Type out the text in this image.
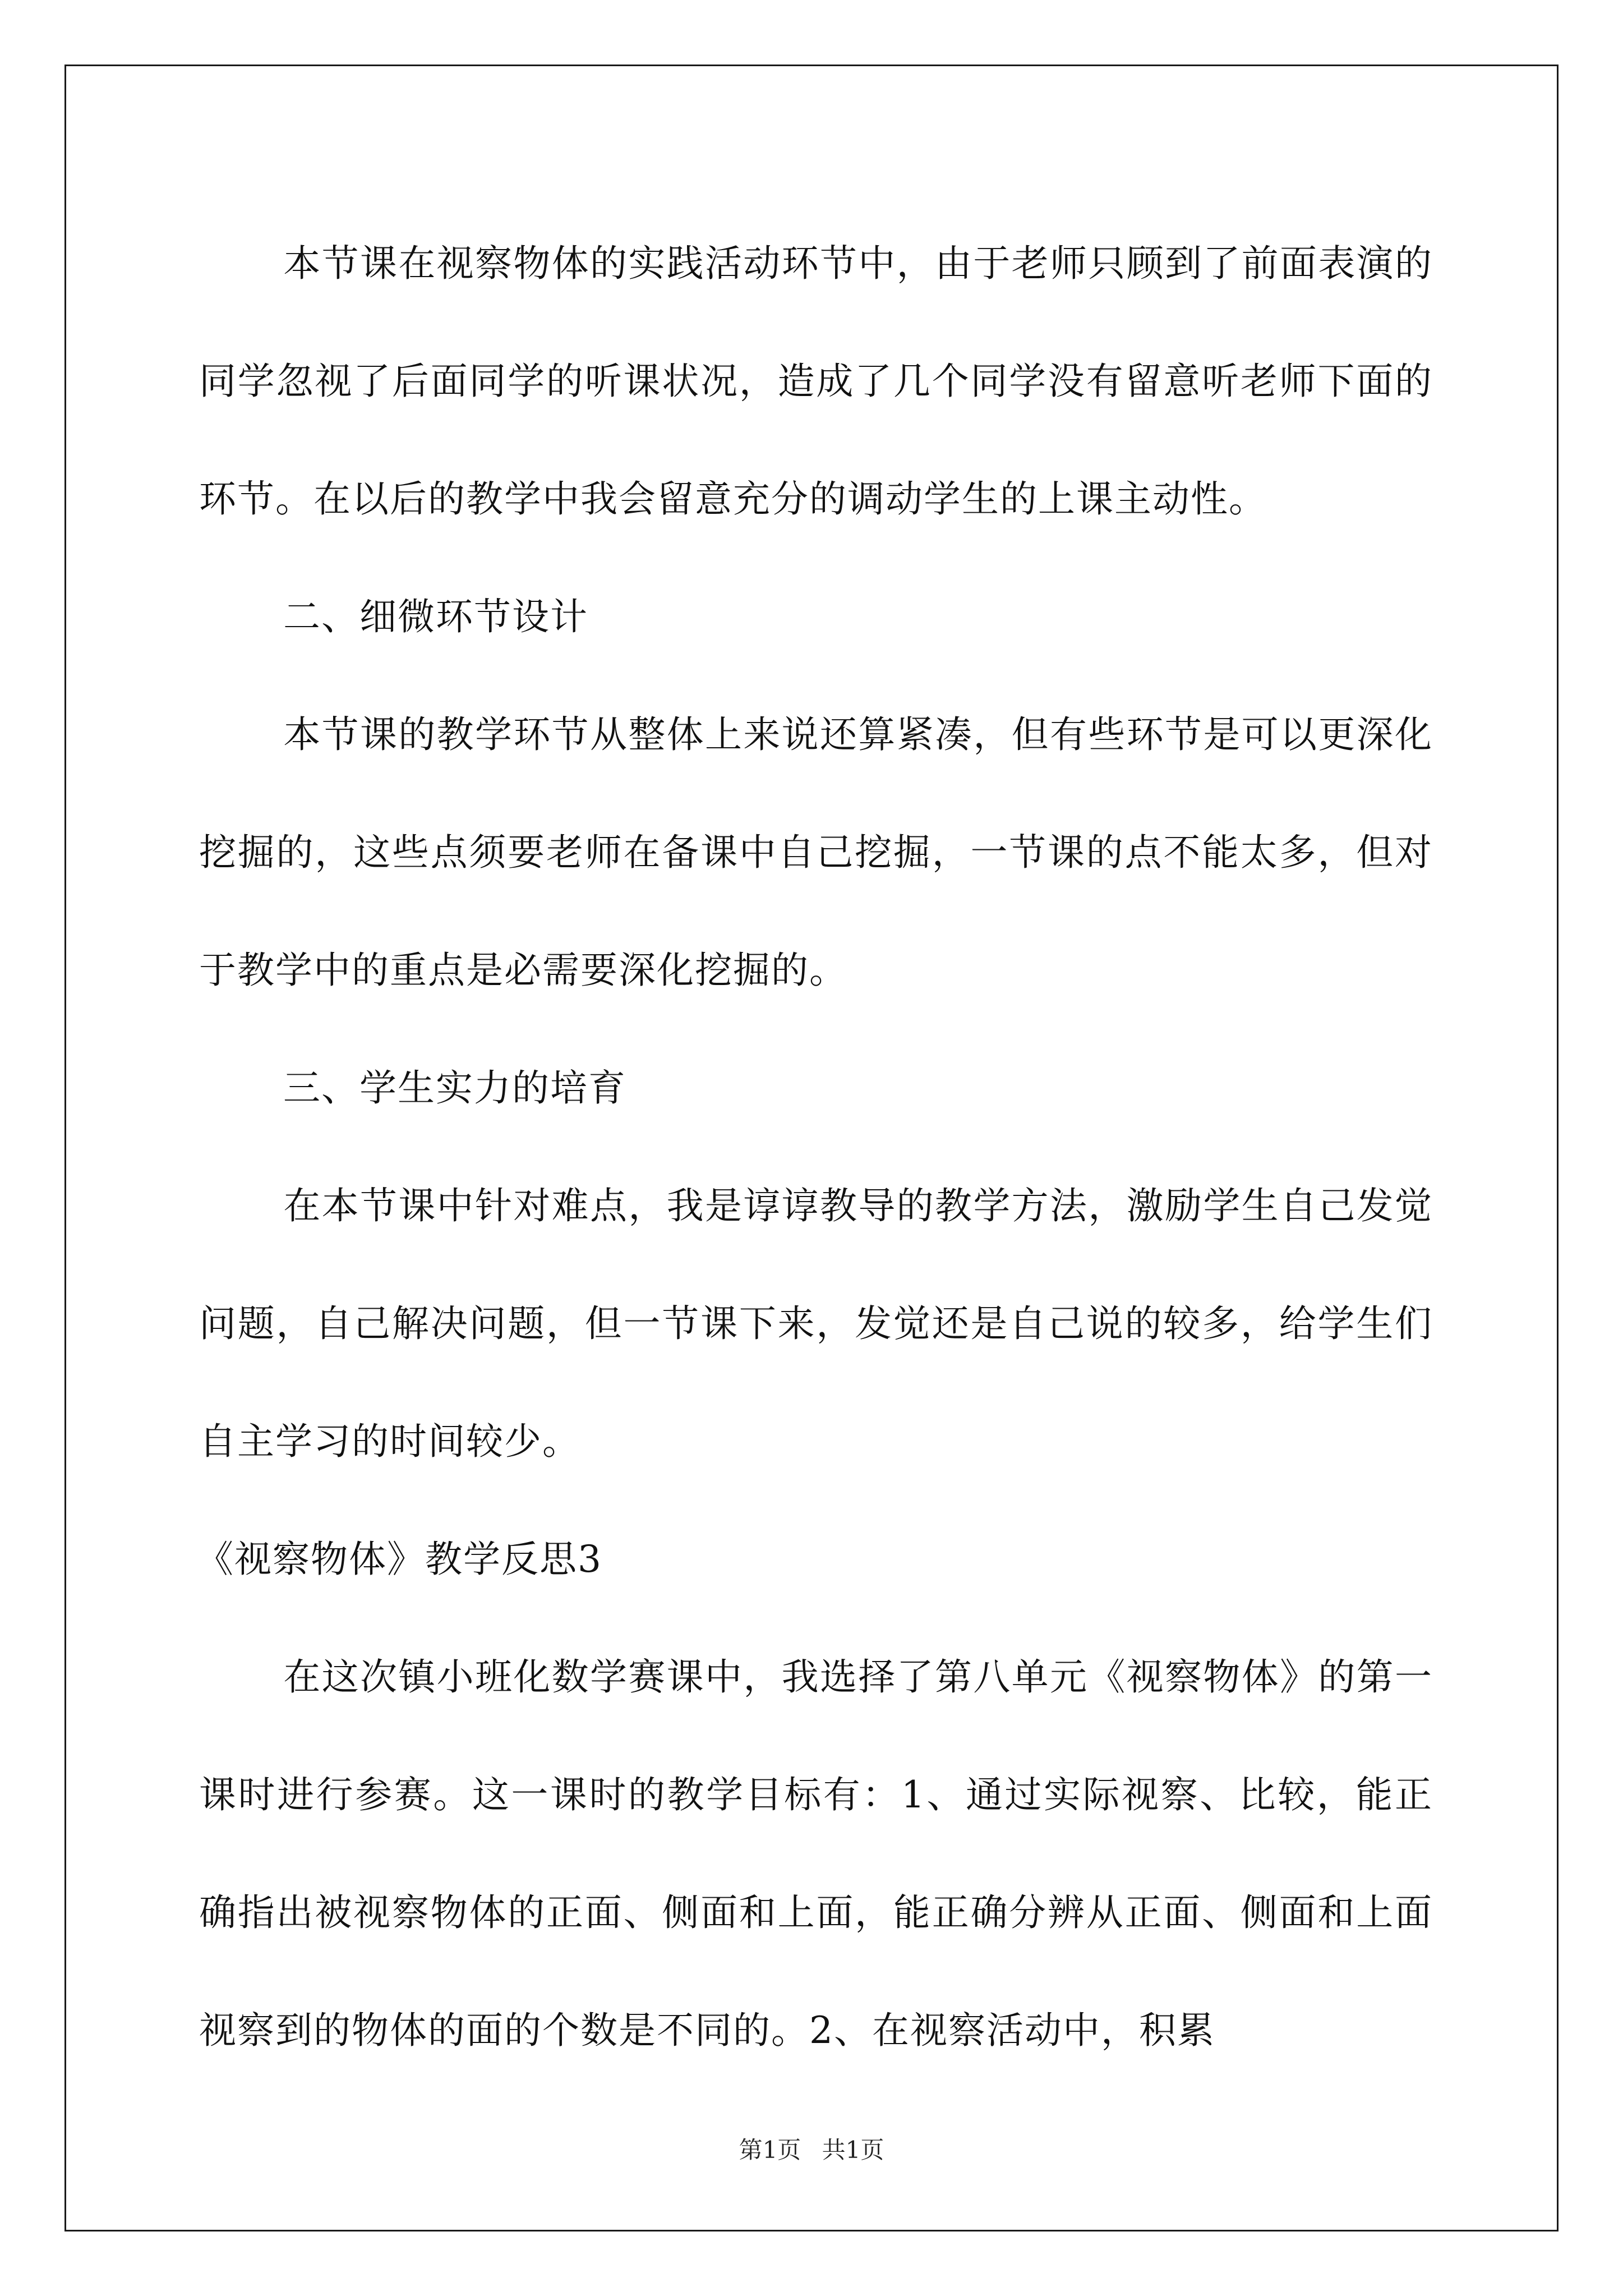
本节课在视察物体的实践活动环节中，由于老师只顾到了前面表演的同学忽视了后面同学的听课状况，造成了几个同学没有留意听老师下面的环节。在以后的教学中我会留意充分的调动学生的上课主动性。

二、细微环节设计

本节课的教学环节从整体上来说还算紧凑，但有些环节是可以更深化挖掘的，这些点须要老师在备课中自己挖掘，一节课的点不能太多，但对于教学中的重点是必需要深化挖掘的。

三、学生实力的培育

在本节课中针对难点，我是谆谆教导的教学方法，激励学生自己发觉问题，自己解决问题，但一节课下来，发觉还是自己说的较多，给学生们自主学习的时间较少。

《视察物体》教学反思3

在这次镇小班化数学赛课中，我选择了第八单元《视察物体》的第一课时进行参赛。这一课时的教学目标有：1、通过实际视察、比较，能正确指出被视察物体的正面、侧面和上面，能正确分辨从正面、侧面和上面视察到的物体的面的个数是不同的。2、在视察活动中，积累

第1页 共1页
